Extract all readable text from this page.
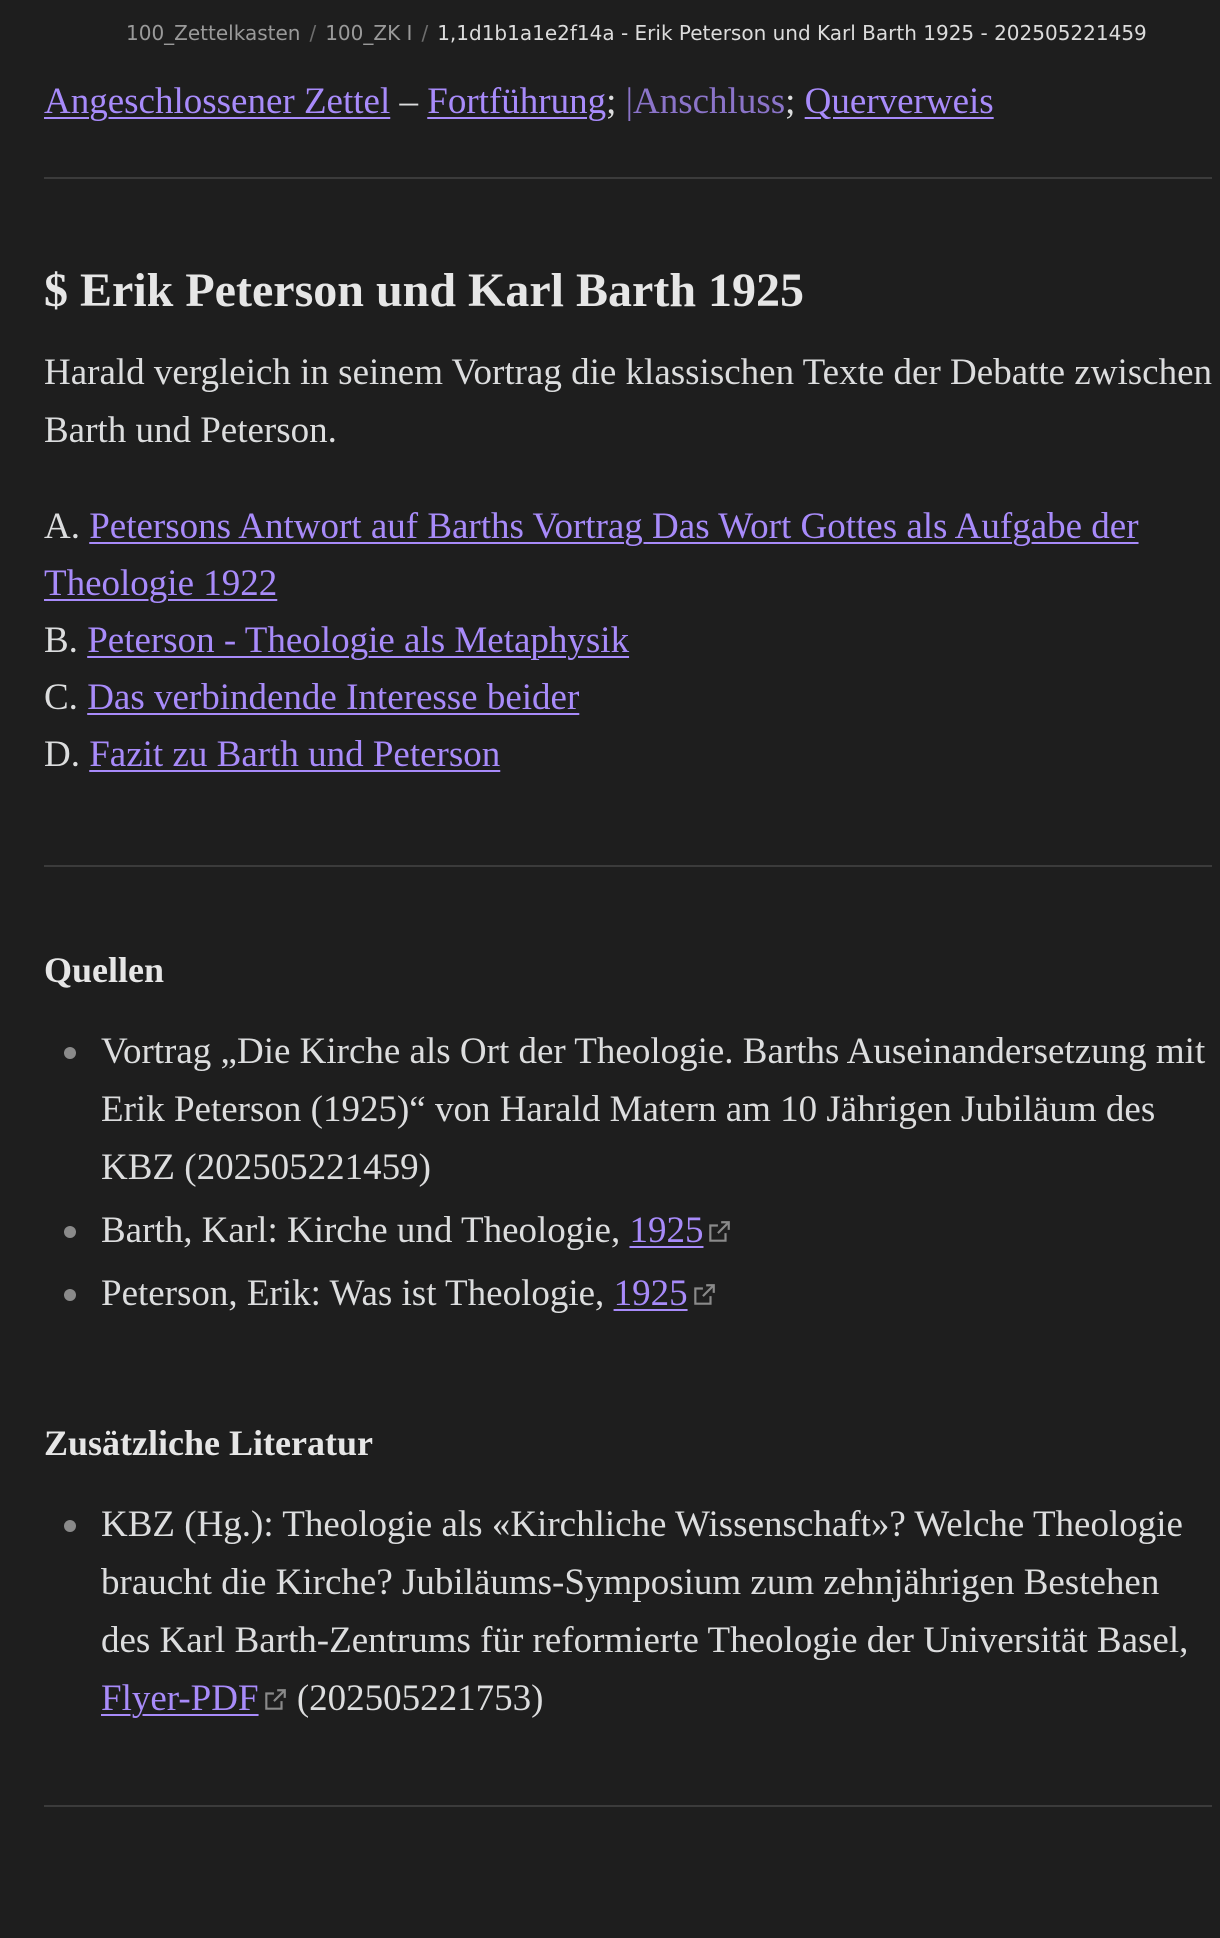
100_Zettelkasten / 100_ZK I / 1,1d1b1a1e2f14a - Erik Peterson und Karl Barth 1925 - 202505221459
Angeschlossener Zettel – Fortführung; |Anschluss; Querverweis
$ Erik Peterson und Karl Barth 1925

Harald vergleich in seinem Vortrag die klassischen Texte der Debatte zwischen Barth und Peterson.

A. Petersons Antwort auf Barths Vortrag Das Wort Gottes als Aufgabe der Theologie 1922
B. Peterson - Theologie als Metaphysik
C. Das verbindende Interesse beider
D. Fazit zu Barth und Peterson
Quellen
Vortrag „Die Kirche als Ort der Theologie. Barths Auseinandersetzung mit Erik Peterson (1925)“ von Harald Matern am 10 Jährigen Jubiläum des KBZ (202505221459)
Barth, Karl: Kirche und Theologie, 1925
Peterson, Erik: Was ist Theologie, 1925
Zusätzliche Literatur
KBZ (Hg.): Theologie als «Kirchliche Wissenschaft»? Welche Theologie braucht die Kirche? Jubiläums-Symposium zum zehnjährigen Bestehen des Karl Barth-Zentrums für reformierte Theologie der Universität Basel, Flyer-PDF (202505221753)
